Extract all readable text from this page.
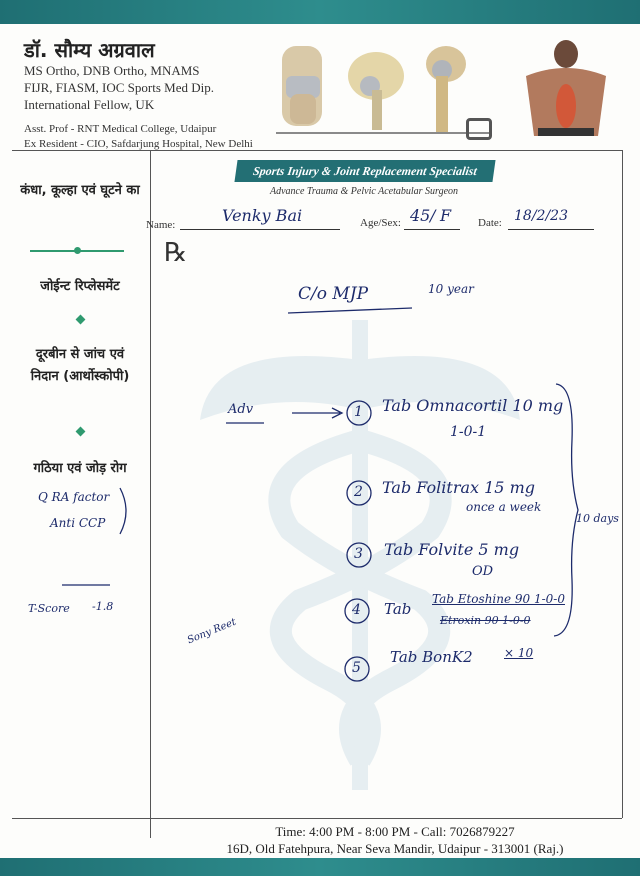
डॉ. सौम्य अग्रवाल
MS Ortho, DNB Ortho, MNAMS
FIJR, FIASM, IOC Sports Med Dip.
International Fellow, UK
Asst. Prof - RNT Medical College, Udaipur
Ex Resident - CIO, Safdarjung Hospital, New Delhi
Sports Injury & Joint Replacement Specialist
Advance Trauma & Pelvic Acetabular Surgeon
कंधा, कूल्हा एवं घूटने का
जोईन्ट रिप्लेसमेंट
दूरबीन से जांच एवं निदान (आर्थोस्कोपी)
गठिया एवं जोड़ रोग
Q RA factor
Anti CCP
T-Score -1.8
Sony Reet
Name:	Venky Bai	Age/Sex: 45 / F Date: 18/2/23
℞
C/o MJP	10 year
Adv	1 Tab Omnacortil 10 mg
1-0-1
2 Tab Folitrax 15 mg
once a week
3 Tab Folvite 5 mg
OD
4 Tab
Tab Etoshine 90 1-0-0
Etroxin 90 1-0-0
5
Tab BonK2	× 10
10 days
Time: 4:00 PM - 8:00 PM - Call: 7026879227
16D, Old Fatehpura, Near Seva Mandir, Udaipur - 313001 (Raj.)
